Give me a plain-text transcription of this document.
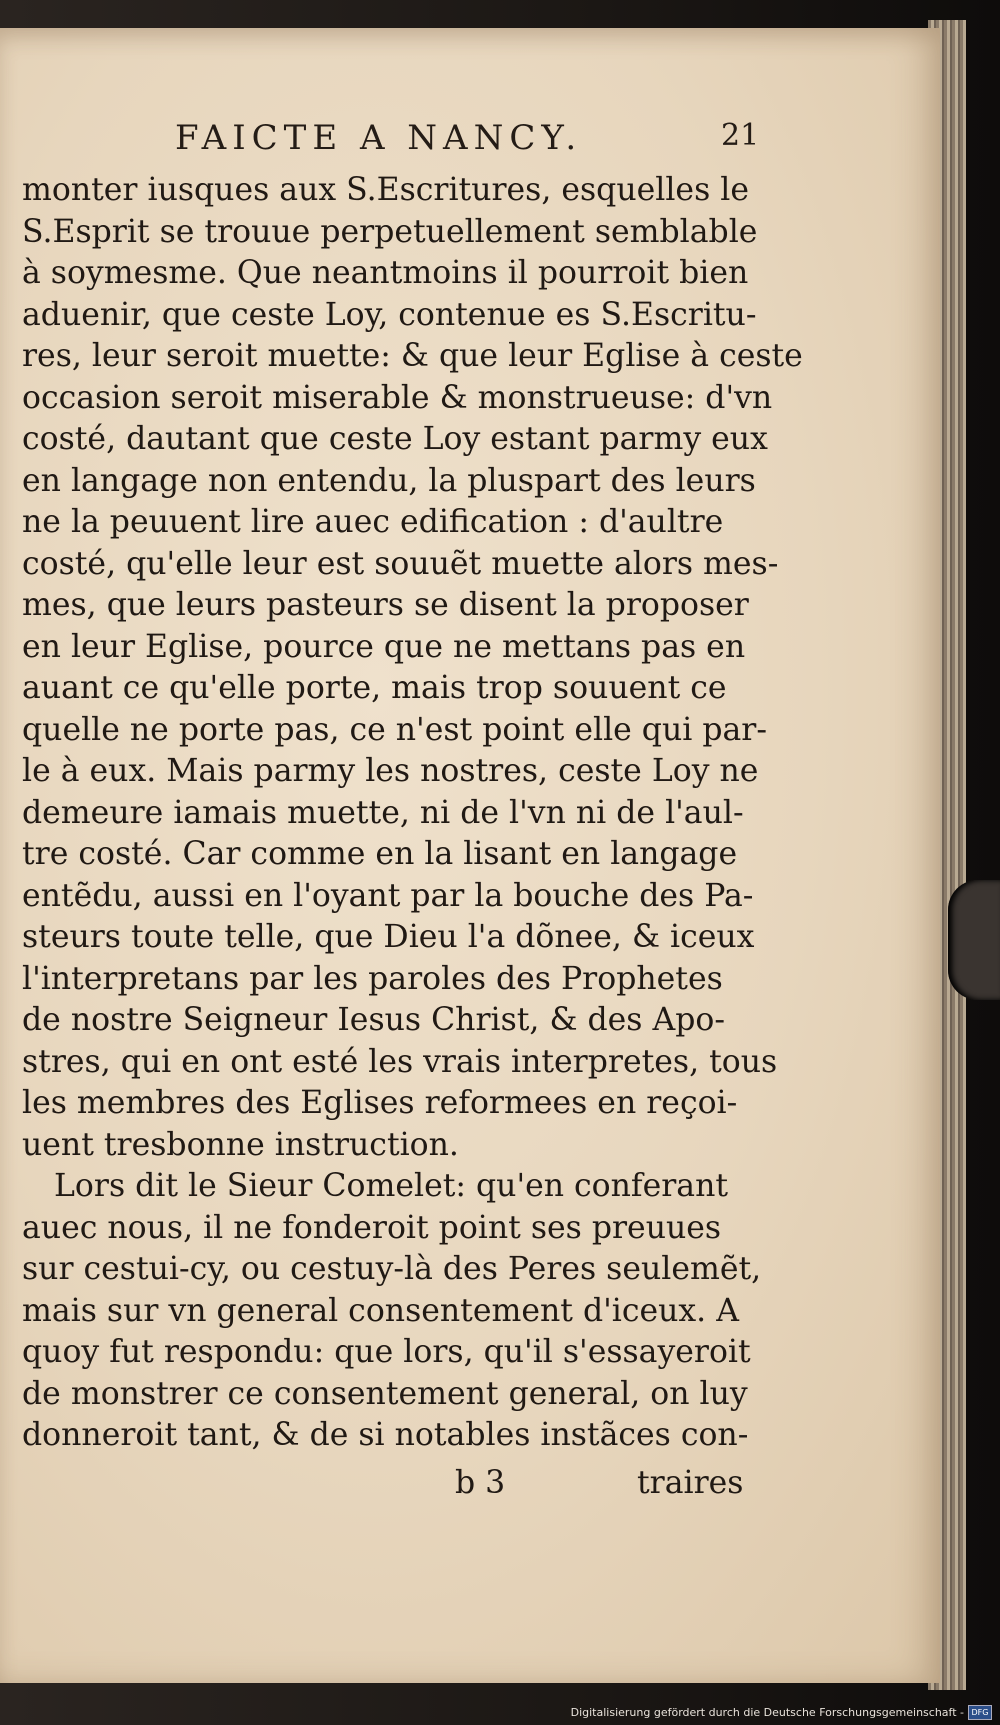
FAICTE A NANCY.	21
monter iusques aux S.Escritures, esquelles le
S.Esprit se trouue perpetuellement semblable
à soymesme. Que neantmoins il pourroit bien
aduenir, que ceste Loy, contenue es S.Escritu-
res, leur seroit muette: & que leur Eglise à ceste
occasion seroit miserable & monstrueuse: d'vn
costé, dautant que ceste Loy estant parmy eux
en langage non entendu, la pluspart des leurs
ne la peuuent lire auec edification : d'aultre
costé, qu'elle leur est souuẽt muette alors mes-
mes, que leurs pasteurs se disent la proposer
en leur Eglise, pource que ne mettans pas en
auant ce qu'elle porte, mais trop souuent ce
quelle ne porte pas, ce n'est point elle qui par-
le à eux. Mais parmy les nostres, ceste Loy ne
demeure iamais muette, ni de l'vn ni de l'aul-
tre costé. Car comme en la lisant en langage
entẽdu, aussi en l'oyant par la bouche des Pa-
steurs toute telle, que Dieu l'a dõnee, & iceux
l'interpretans par les paroles des Prophetes
de nostre Seigneur Iesus Christ, & des Apo-
stres, qui en ont esté les vrais interpretes, tous
les membres des Eglises reformees en reçoi-
uent tresbonne instruction.
Lors dit le Sieur Comelet: qu'en conferant
auec nous, il ne fonderoit point ses preuues
sur cestui-cy, ou cestuy-là des Peres seulemẽt,
mais sur vn general consentement d'iceux. A
quoy fut respondu: que lors, qu'il s'essayeroit
de monstrer ce consentement general, on luy
donneroit tant, & de si notables instãces con-
b 3	traires
Digitalisierung gefördert durch die Deutsche Forschungsgemeinschaft - DFG
